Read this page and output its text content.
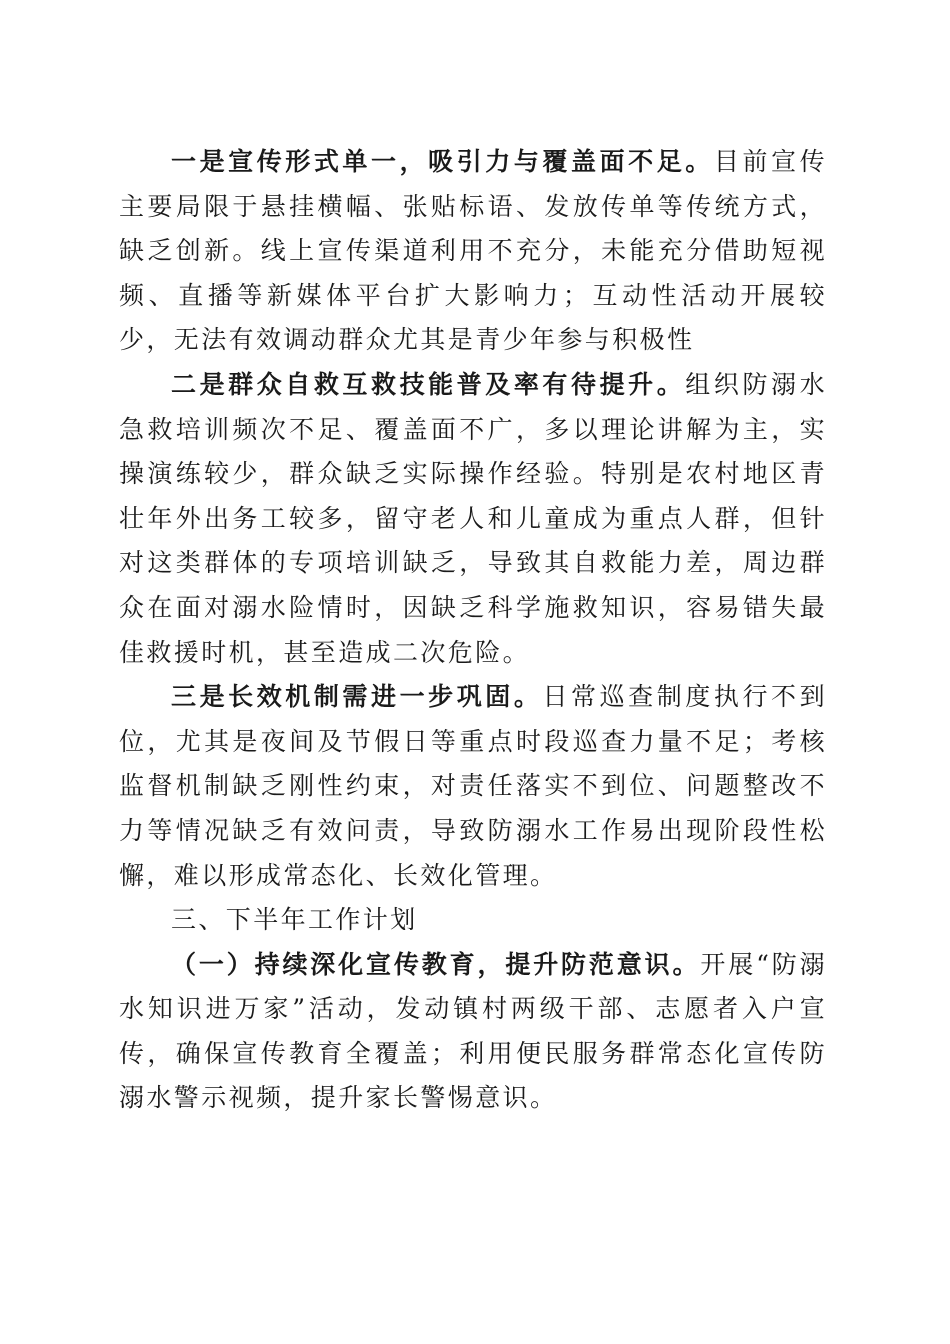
一是宣传形式单一，吸引力与覆盖面不足。目前宣传主要局限于悬挂横幅、张贴标语、发放传单等传统方式，缺乏创新。线上宣传渠道利用不充分，未能充分借助短视频、直播等新媒体平台扩大影响力；互动性活动开展较少，无法有效调动群众尤其是青少年参与积极性

二是群众自救互救技能普及率有待提升。组织防溺水急救培训频次不足、覆盖面不广，多以理论讲解为主，实操演练较少，群众缺乏实际操作经验。特别是农村地区青壮年外出务工较多，留守老人和儿童成为重点人群，但针对这类群体的专项培训缺乏，导致其自救能力差，周边群众在面对溺水险情时，因缺乏科学施救知识，容易错失最佳救援时机，甚至造成二次危险。

三是长效机制需进一步巩固。日常巡查制度执行不到位，尤其是夜间及节假日等重点时段巡查力量不足；考核监督机制缺乏刚性约束，对责任落实不到位、问题整改不力等情况缺乏有效问责，导致防溺水工作易出现阶段性松懈，难以形成常态化、长效化管理。

三、下半年工作计划

（一）持续深化宣传教育，提升防范意识。开展“防溺水知识进万家”活动，发动镇村两级干部、志愿者入户宣传，确保宣传教育全覆盖；利用便民服务群常态化宣传防溺水警示视频，提升家长警惕意识。
